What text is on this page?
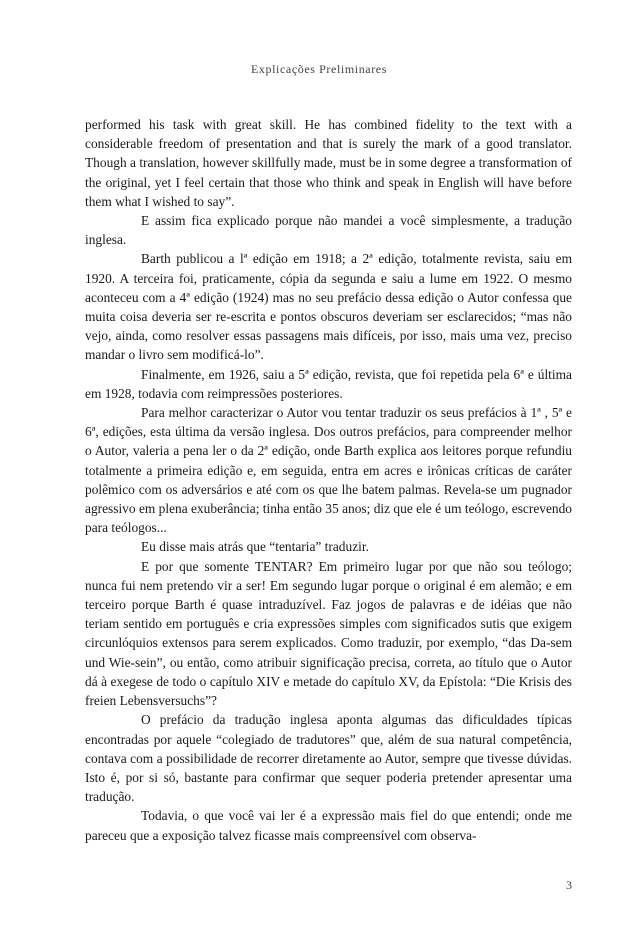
Explicações Preliminares

performed his task with great skill. He has combined fidelity to the text with a considerable freedom of presentation and that is surely the mark of a good translator. Though a translation, however skillfully made, must be in some degree a transformation of the original, yet I feel certain that those who think and speak in English will have before them what I wished to say”.

E assim fica explicado porque não mandei a você simplesmente, a tradução inglesa.

Barth publicou a lª edição em 1918; a 2ª edição, totalmente revista, saiu em 1920. A terceira foi, praticamente, cópia da segunda e saiu a lume em 1922. O mesmo aconteceu com a 4ª edição (1924) mas no seu prefácio dessa edição o Autor confessa que muita coisa deveria ser re-escrita e pontos obscuros deveriam ser esclarecidos; “mas não vejo, ainda, como resolver essas passagens mais difíceis, por isso, mais uma vez, preciso mandar o livro sem modificá-lo”.

Finalmente, em 1926, saiu a 5ª edição, revista, que foi repetida pela 6ª e última em 1928, todavia com reimpressões posteriores.

Para melhor caracterizar o Autor vou tentar traduzir os seus prefácios à 1ª , 5ª e 6ª, edições, esta última da versão inglesa. Dos outros prefácios, para compreender melhor o Autor, valeria a pena ler o da 2ª edição, onde Barth explica aos leitores porque refundiu totalmente a primeira edição e, em seguida, entra em acres e irônicas críticas de caráter polêmico com os adversários e até com os que lhe batem palmas. Revela-se um pugnador agressivo em plena exuberância; tinha então 35 anos; diz que ele é um teólogo, escrevendo para teólogos...

Eu disse mais atrás que “tentaria” traduzir.

E por que somente TENTAR? Em primeiro lugar por que não sou teólogo; nunca fui nem pretendo vir a ser! Em segundo lugar porque o original é em alemão; e em terceiro porque Barth é quase intraduzível. Faz jogos de palavras e de idéias que não teriam sentido em português e cria expressões simples com significados sutis que exigem circunlóquios extensos para serem explicados. Como traduzir, por exemplo, “das Da-sem und Wie-sein”, ou então, como atribuir significação precisa, correta, ao título que o Autor dá à exegese de todo o capítulo XIV e metade do capítulo XV, da Epístola: “Die Krisis des freien Lebensversuchs”?

O prefácio da tradução inglesa aponta algumas das dificuldades típicas encontradas por aquele “colegiado de tradutores” que, além de sua natural competência, contava com a possibilidade de recorrer diretamente ao Autor, sempre que tivesse dúvidas. Isto é, por si só, bastante para confirmar que sequer poderia pretender apresentar uma tradução.

Todavia, o que você vai ler é a expressão mais fiel do que entendi; onde me pareceu que a exposição talvez ficasse mais compreensível com observa-

3
